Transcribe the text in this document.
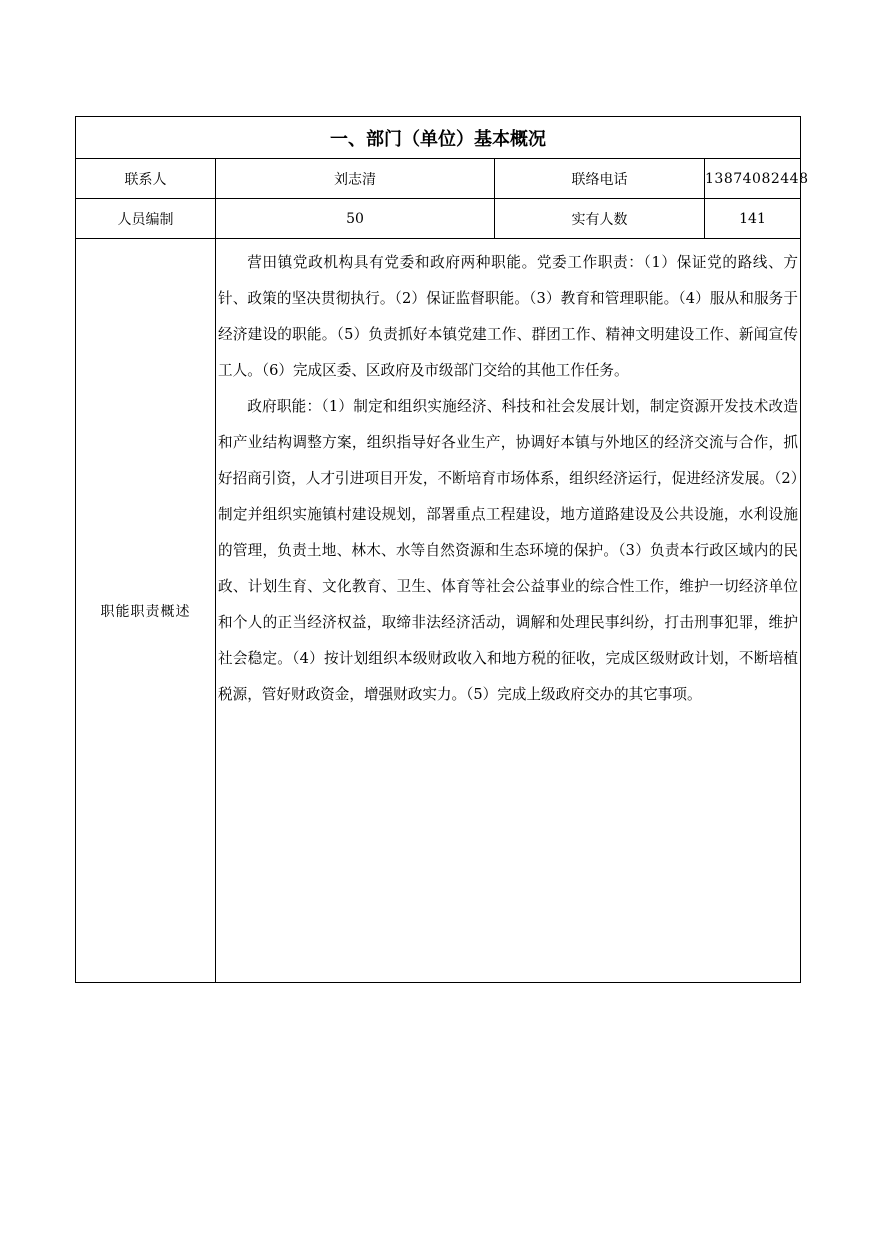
一、部门（单位）基本概况			
联系人	刘志清	联络电话	13874082448
人员编制	50	实有人数	141
职能职责概述	营田镇党政机构具有党委和政府两种职能。党委工作职责：（1）保证党的路线、方针、政策的坚决贯彻执行。（2）保证监督职能。（3）教育和管理职能。（4）服从和服务于经济建设的职能。（5）负责抓好本镇党建工作、群团工作、精神文明建设工作、新闻宣传工人。（6）完成区委、区政府及市级部门交给的其他工作任务。

政府职能：（1）制定和组织实施经济、科技和社会发展计划，制定资源开发技术改造和产业结构调整方案，组织指导好各业生产，协调好本镇与外地区的经济交流与合作，抓好招商引资，人才引进项目开发，不断培育市场体系，组织经济运行，促进经济发展。（2）制定并组织实施镇村建设规划，部署重点工程建设，地方道路建设及公共设施，水利设施的管理，负责土地、林木、水等自然资源和生态环境的保护。（3）负责本行政区域内的民政、计划生育、文化教育、卫生、体育等社会公益事业的综合性工作，维护一切经济单位和个人的正当经济权益，取缔非法经济活动，调解和处理民事纠纷，打击刑事犯罪，维护社会稳定。（4）按计划组织本级财政收入和地方税的征收，完成区级财政计划，不断培植税源，管好财政资金，增强财政实力。（5）完成上级政府交办的其它事项。		
